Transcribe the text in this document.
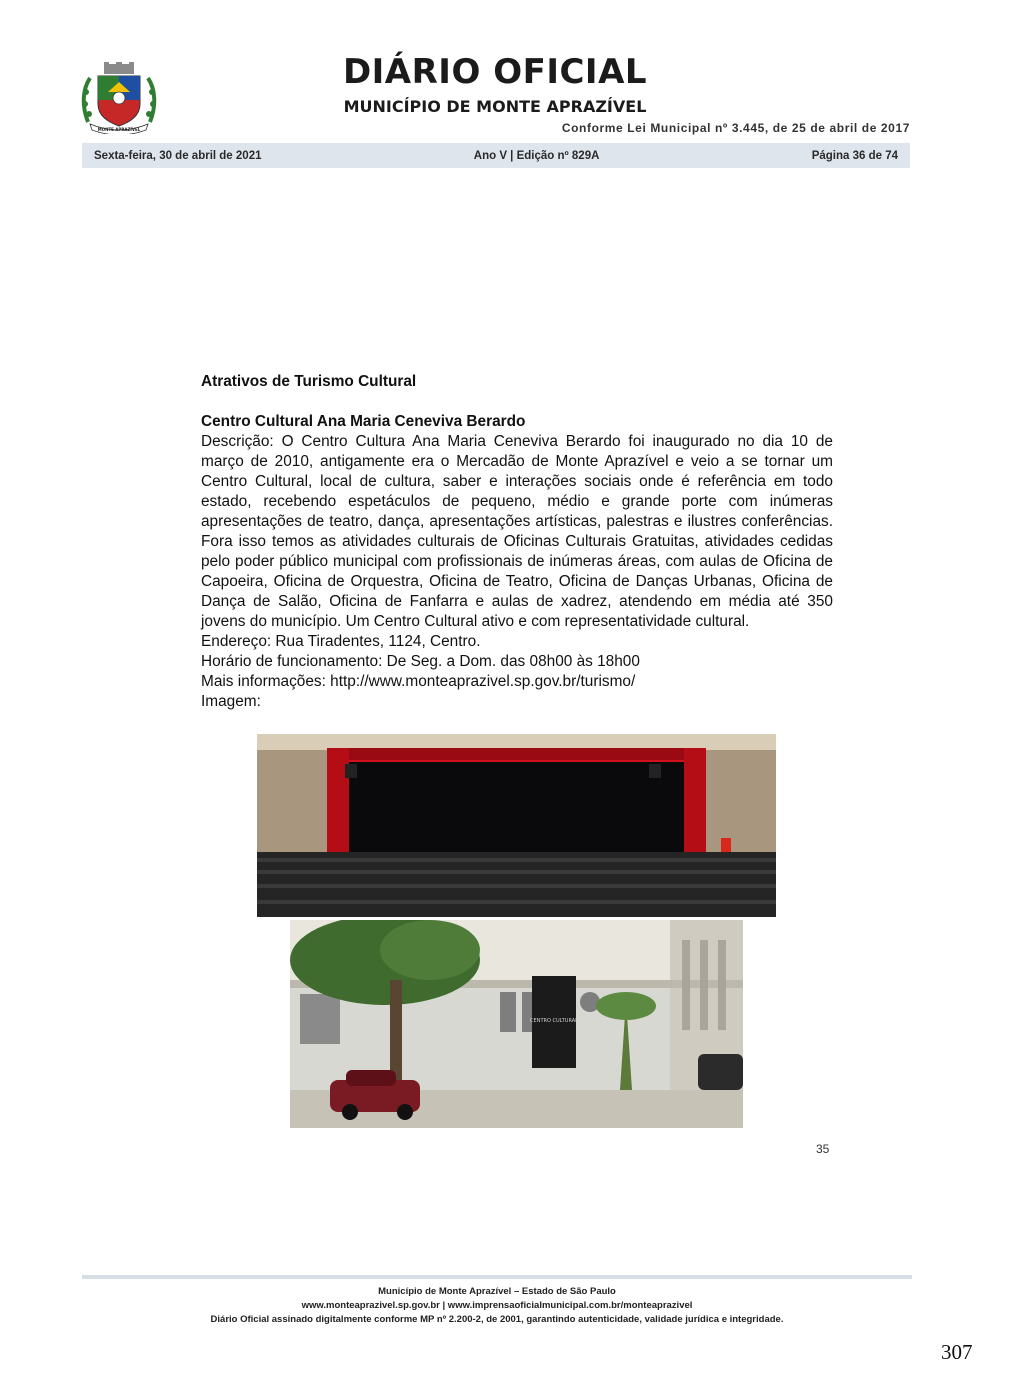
MONTE APRAZÍVEL
DIÁRIO OFICIAL
MUNICÍPIO DE MONTE APRAZÍVEL
Conforme Lei Municipal nº 3.445, de 25 de abril de 2017
Sexta-feira, 30 de abril de 2021	Ano V | Edição nº 829A	Página 36 de 74

Atrativos de Turismo Cultural

Centro Cultural Ana Maria Ceneviva Berardo

Descrição: O Centro Cultura Ana Maria Ceneviva Berardo foi inaugurado no dia 10 de março de 2010, antigamente era o Mercadão de Monte Aprazível e veio a se tornar um Centro Cultural, local de cultura, saber e interações sociais onde é referência em todo estado, recebendo espetáculos de pequeno, médio e grande porte com inúmeras apresentações de teatro, dança, apresentações artísticas, palestras e ilustres conferências. Fora isso temos as atividades culturais de Oficinas Culturais Gratuitas, atividades cedidas pelo poder público municipal com profissionais de inúmeras áreas, com aulas de Oficina de Capoeira, Oficina de Orquestra, Oficina de Teatro, Oficina de Danças Urbanas, Oficina de Dança de Salão, Oficina de Fanfarra e aulas de xadrez, atendendo em média até 350 jovens do município. Um Centro Cultural ativo e com representatividade cultural.

Endereço: Rua Tiradentes, 1124, Centro.

Horário de funcionamento: De Seg. a Dom. das 08h00 às 18h00

Mais informações: http://www.monteaprazivel.sp.gov.br/turismo/

Imagem:

CENTRO CULTURAL
35
Município de Monte Aprazível – Estado de São Paulo
www.monteaprazivel.sp.gov.br | www.imprensaoficialmunicipal.com.br/monteaprazivel
Diário Oficial assinado digitalmente conforme MP nº 2.200-2, de 2001, garantindo autenticidade, validade jurídica e integridade.
307
